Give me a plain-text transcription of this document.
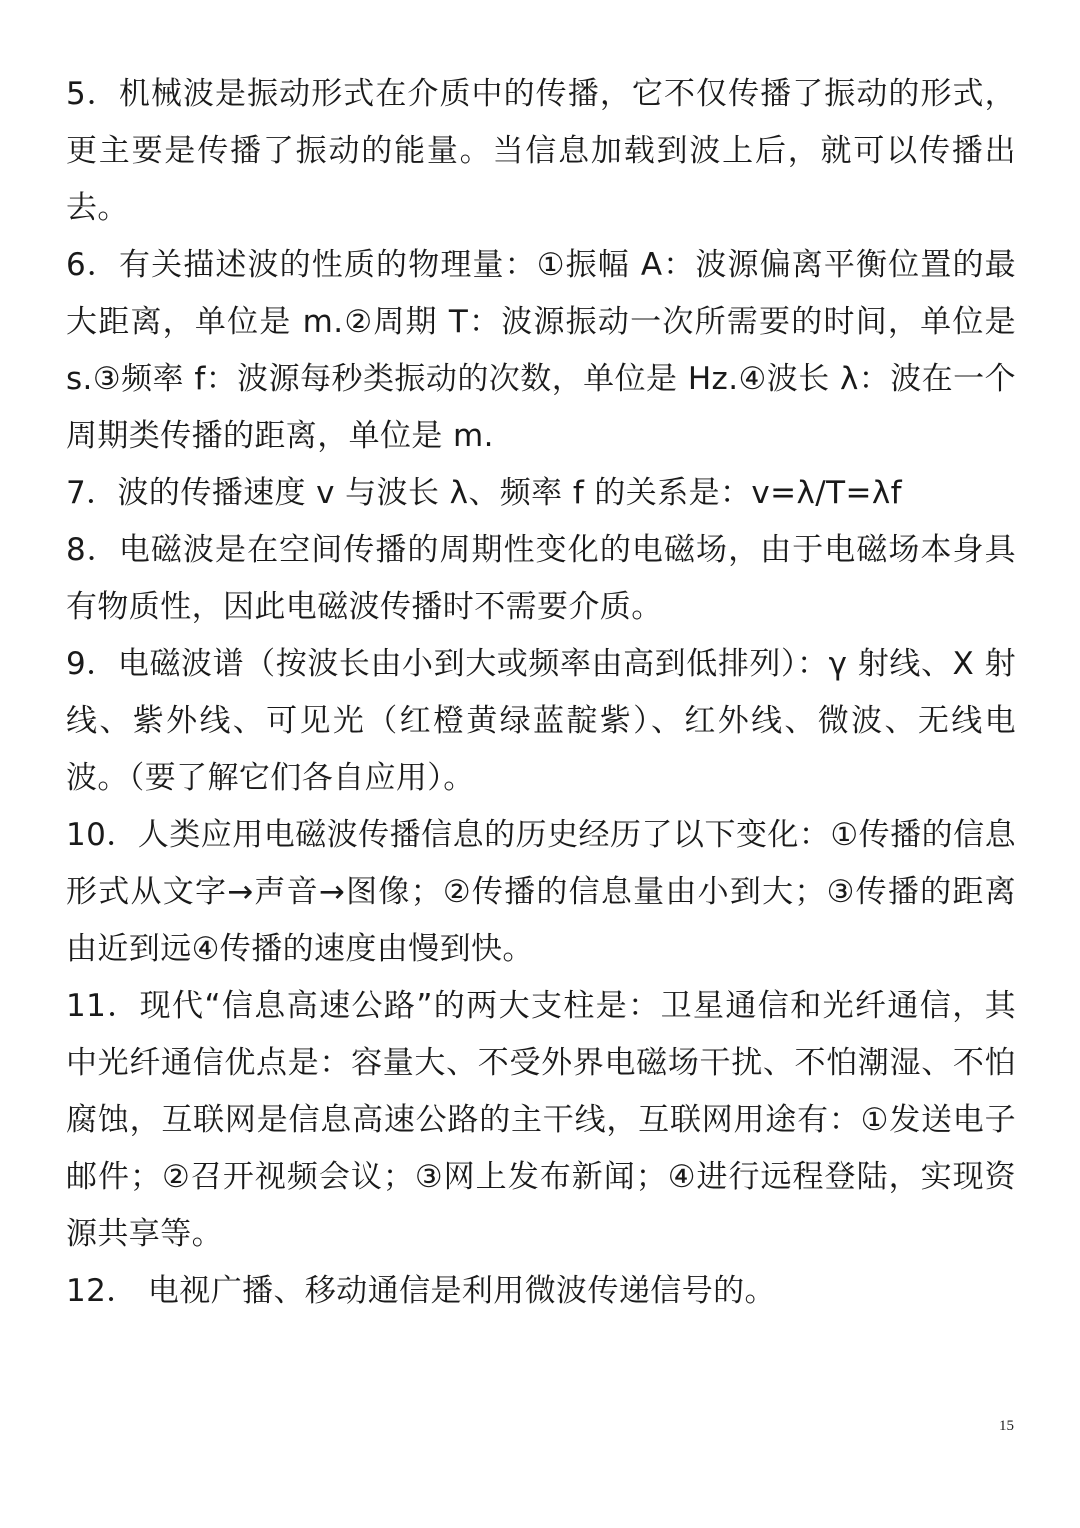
5．机械波是振动形式在介质中的传播，它不仅传播了振动的形式，更主要是传播了振动的能量。当信息加载到波上后，就可以传播出去。

6．有关描述波的性质的物理量：①振幅 A：波源偏离平衡位置的最大距离，单位是 m.②周期 T：波源振动一次所需要的时间，单位是 s.③频率 f：波源每秒类振动的次数，单位是 Hz.④波长 λ：波在一个周期类传播的距离，单位是 m.

7．波的传播速度 v 与波长 λ、频率 f 的关系是：v=λ/T=λf

8．电磁波是在空间传播的周期性变化的电磁场，由于电磁场本身具有物质性，因此电磁波传播时不需要介质。

9．电磁波谱（按波长由小到大或频率由高到低排列）：γ 射线、X 射线、紫外线、可见光（红橙黄绿蓝靛紫）、红外线、微波、无线电波。（要了解它们各自应用）。

10．人类应用电磁波传播信息的历史经历了以下变化：①传播的信息形式从文字→声音→图像；②传播的信息量由小到大；③传播的距离由近到远④传播的速度由慢到快。

11．现代“信息高速公路”的两大支柱是：卫星通信和光纤通信，其中光纤通信优点是：容量大、不受外界电磁场干扰、不怕潮湿、不怕腐蚀，互联网是信息高速公路的主干线，互联网用途有：①发送电子邮件；②召开视频会议；③网上发布新闻；④进行远程登陆，实现资源共享等。

12． 电视广播、移动通信是利用微波传递信号的。

15
